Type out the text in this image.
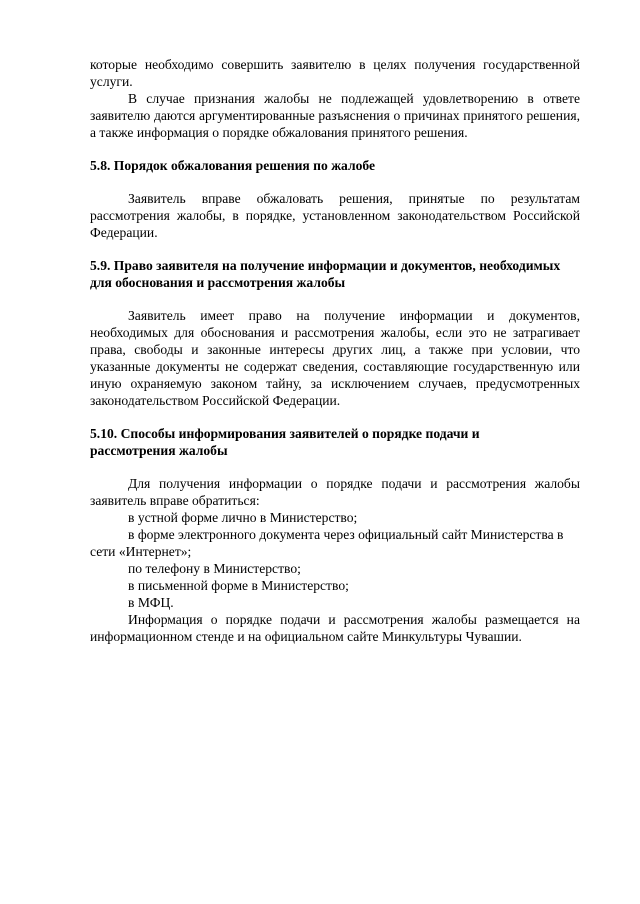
которые необходимо совершить заявителю в целях получения государственной услуги.

В случае признания жалобы не подлежащей удовлетворению в ответе заявителю даются аргументированные разъяснения о причинах принятого решения, а также информация о порядке обжалования принятого решения.

5.8. Порядок обжалования решения по жалобе

Заявитель вправе обжаловать решения, принятые по результатам рассмотрения жалобы, в порядке, установленном законодательством Российской Федерации.

5.9. Право заявителя на получение информации и документов, необходимых

для обоснования и рассмотрения жалобы

Заявитель имеет право на получение информации и документов, необходимых для обоснования и рассмотрения жалобы, если это не затрагивает права, свободы и законные интересы других лиц, а также при условии, что указанные документы не содержат сведения, составляющие государственную или иную охраняемую законом тайну, за исключением случаев, предусмотренных законодательством Российской Федерации.

5.10. Способы информирования заявителей о порядке подачи и

рассмотрения жалобы

Для получения информации о порядке подачи и рассмотрения жалобы заявитель вправе обратиться:

в устной форме лично в Министерство;

в форме электронного документа через официальный сайт Министерства в сети «Интернет»;

по телефону в Министерство;

в письменной форме в Министерство;

в МФЦ.

Информация о порядке подачи и рассмотрения жалобы размещается на информационном стенде и на официальном сайте Минкультуры Чувашии.
